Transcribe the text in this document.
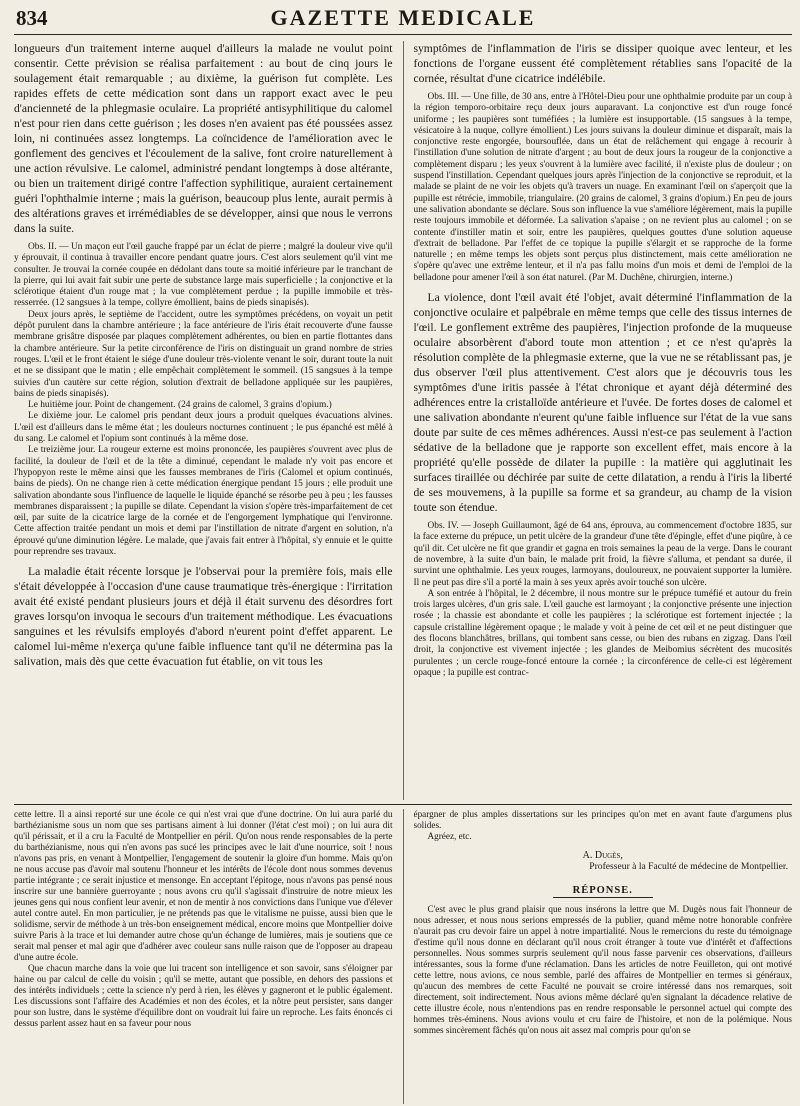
834	GAZETTE MEDICALE

longueurs d'un traitement interne auquel d'ailleurs la malade ne voulut point consentir. Cette prévision se réalisa parfaitement : au bout de cinq jours le soulagement était remarquable ; au dixième, la guérison fut complète. Les rapides effets de cette médication sont dans un rapport exact avec le peu d'ancienneté de la phlegmasie oculaire. La propriété antisyphilitique du calomel n'est pour rien dans cette guérison ; les doses n'en avaient pas été poussées assez loin, ni continuées assez longtemps. La coïncidence de l'amélioration avec le gonflement des gencives et l'écoulement de la salive, font croire naturellement à une action révulsive. Le calomel, administré pendant longtemps à dose altérante, ou bien un traitement dirigé contre l'affection syphilitique, auraient certainement guéri l'ophthalmie interne ; mais la guérison, beaucoup plus lente, aurait permis à des altérations graves et irrémédiables de se développer, ainsi que nous le verrons dans la suite.

Obs. II. — Un maçon eut l'œil gauche frappé par un éclat de pierre ; malgré la douleur vive qu'il y éprouvait, il continua à travailler encore pendant quatre jours. C'est alors seulement qu'il vint me consulter. Je trouvai la cornée coupée en dédolant dans toute sa moitié inférieure par le tranchant de la pierre, qui lui avait fait subir une perte de substance large mais superficielle ; la conjonctive et la sclérotique étaient d'un rouge mat ; la vue complètement perdue ; la pupille immobile et très-resserrée. (12 sangsues à la tempe, collyre émollient, bains de pieds sinapisés).

Deux jours après, le septième de l'accident, outre les symptômes précédens, on voyait un petit dépôt purulent dans la chambre antérieure ; la face antérieure de l'iris était recouverte d'une fausse membrane grisâtre disposée par plaques complètement adhérentes, ou bien en partie flottantes dans la chambre antérieure. Sur la petite circonférence de l'iris on distinguait un grand nombre de stries rouges. L'œil et le front étaient le siége d'une douleur très-violente venant le soir, durant toute la nuit et ne se dissipant que le matin ; elle empêchait complètement le sommeil. (15 sangsues à la tempe suivies d'un cautère sur cette région, solution d'extrait de belladone appliquée sur les paupières, bains de pieds sinapisés).

Le huitième jour. Point de changement. (24 grains de calomel, 3 grains d'opium.)

Le dixième jour. Le calomel pris pendant deux jours a produit quelques évacuations alvines. L'œil est d'ailleurs dans le même état ; les douleurs nocturnes continuent ; le pus épanché est mêlé à du sang. Le calomel et l'opium sont continués à la même dose.

Le treizième jour. La rougeur externe est moins prononcée, les paupières s'ouvrent avec plus de facilité, la douleur de l'œil et de la tête a diminué, cependant le malade n'y voit pas encore et l'hypopyon reste le même ainsi que les fausses membranes de l'iris (Calomel et opium continués, bains de pieds). On ne change rien à cette médication énergique pendant 15 jours ; elle produit une salivation abondante sous l'influence de laquelle le liquide épanché se résorbe peu à peu ; les fausses membranes disparaissent ; la pupille se dilate. Cependant la vision s'opère très-imparfaitement de cet œil, par suite de la cicatrice large de la cornée et de l'engorgement lymphatique qui l'environne. Cette affection traitée pendant un mois et demi par l'instillation de nitrate d'argent en solution, n'a éprouvé qu'une diminution légère. Le malade, que j'avais fait entrer à l'hôpital, s'y ennuie et le quitte pour reprendre ses travaux.

La maladie était récente lorsque je l'observai pour la première fois, mais elle s'était développée à l'occasion d'une cause traumatique très-énergique : l'irritation avait été existé pendant plusieurs jours et déjà il était survenu des désordres fort graves lorsqu'on invoqua le secours d'un traitement méthodique. Les évacuations sanguines et les révulsifs employés d'abord n'eurent point d'effet apparent. Le calomel lui-même n'exerça qu'une faible influence tant qu'il ne détermina pas la salivation, mais dès que cette évacuation fut établie, on vit tous les

symptômes de l'inflammation de l'iris se dissiper quoique avec lenteur, et les fonctions de l'organe eussent été complètement rétablies sans l'opacité de la cornée, résultat d'une cicatrice indélébile.

Obs. III. — Une fille, de 30 ans, entre à l'Hôtel-Dieu pour une ophthalmie produite par un coup à la région temporo-orbitaire reçu deux jours auparavant. La conjonctive est d'un rouge foncé uniforme ; les paupières sont tuméfiées ; la lumière est insupportable. (15 sangsues à la tempe, vésicatoire à la nuque, collyre émollient.) Les jours suivans la douleur diminue et disparaît, mais la conjonctive reste engorgée, boursouflée, dans un état de relâchement qui engage à recourir à l'instillation d'une solution de nitrate d'argent ; au bout de deux jours la rougeur de la conjonctive a complètement disparu ; les yeux s'ouvrent à la lumière avec facilité, il n'existe plus de douleur ; on suspend l'instillation. Cependant quelques jours après l'injection de la conjonctive se reproduit, et la malade se plaint de ne voir les objets qu'à travers un nuage. En examinant l'œil on s'aperçoit que la pupille est rétrécie, immobile, triangulaire. (20 grains de calomel, 3 grains d'opium.) En peu de jours une salivation abondante se déclare. Sous son influence la vue s'améliore légèrement, mais la pupille reste toujours immobile et déformée. La salivation s'apaise ; on ne revient plus au calomel ; on se contente d'instiller matin et soir, entre les paupières, quelques gouttes d'une solution aqueuse d'extrait de belladone. Par l'effet de ce topique la pupille s'élargit et se rapproche de la forme naturelle ; en même temps les objets sont perçus plus distinctement, mais cette amélioration ne s'opère qu'avec une extrême lenteur, et il n'a pas fallu moins d'un mois et demi de l'emploi de la belladone pour amener l'œil à son état naturel. (Par M. Duchêne, chirurgien, interne.)

La violence, dont l'œil avait été l'objet, avait déterminé l'inflammation de la conjonctive oculaire et palpébrale en même temps que celle des tissus internes de l'œil. Le gonflement extrême des paupières, l'injection profonde de la muqueuse oculaire absorbèrent d'abord toute mon attention ; et ce n'est qu'après la résolution complète de la phlegmasie externe, que la vue ne se rétablissant pas, je dus observer l'œil plus attentivement. C'est alors que je découvris tous les symptômes d'une iritis passée à l'état chronique et ayant déjà déterminé des adhérences entre la cristalloïde antérieure et l'uvée. De fortes doses de calomel et une salivation abondante n'eurent qu'une faible influence sur l'état de la vue sans doute par suite de ces mêmes adhérences. Aussi n'est-ce pas seulement à l'action sédative de la belladone que je rapporte son excellent effet, mais encore à la propriété qu'elle possède de dilater la pupille : la matière qui agglutinait les surfaces tiraillée ou déchirée par suite de cette dilatation, a rendu à l'iris la liberté de ses mouvemens, à la pupille sa forme et sa grandeur, au champ de la vision toute son étendue.

Obs. IV. — Joseph Guillaumont, âgé de 64 ans, éprouva, au commencement d'octobre 1835, sur la face externe du prépuce, un petit ulcère de la grandeur d'une tête d'épingle, effet d'une piqûre, à ce qu'il dit. Cet ulcère ne fit que grandir et gagna en trois semaines la peau de la verge. Dans le courant de novembre, à la suite d'un bain, le malade prit froid, la fièvre s'alluma, et pendant sa durée, il survint une ophthalmie. Les yeux rouges, larmoyans, douloureux, ne pouvaient supporter la lumière. Il ne peut pas dire s'il a porté la main à ses yeux après avoir touché son ulcère.

A son entrée à l'hôpital, le 2 décembre, il nous montre sur le prépuce tuméfié et autour du frein trois larges ulcères, d'un gris sale. L'œil gauche est larmoyant ; la conjonctive présente une injection rosée ; la chassie est abondante et colle les paupières ; la sclérotique est fortement injectée ; la capsule cristalline légèrement opaque ; le malade y voit à peine de cet œil et ne peut distinguer que des flocons blanchâtres, brillans, qui tombent sans cesse, ou bien des rubans en zigzag. Dans l'œil droit, la conjonctive est vivement injectée ; les glandes de Meibomius sécrètent des mucosités purulentes ; un cercle rouge-foncé entoure la cornée ; la circonférence de celle-ci est légèrement opaque ; la pupille est contrac-

cette lettre. Il a ainsi reporté sur une école ce qui n'est vrai que d'une doctrine. On lui aura parlé du barthézianisme sous un nom que ses partisans aiment à lui donner (l'état c'est moi) ; on lui aura dit qu'il périssait, et il a cru la Faculté de Montpellier en péril. Qu'on nous rende responsables de la perte du barthézianisme, nous qui n'en avons pas sucé les principes avec le lait d'une nourrice, soit ! nous n'avons pas pris, en venant à Montpellier, l'engagement de soutenir la gloire d'un homme. Mais qu'on ne nous accuse pas d'avoir mal soutenu l'honneur et les intérêts de l'école dont nous sommes devenus partie intégrante ; ce serait injustice et mensonge. En acceptant l'épitoge, nous n'avons pas pensé nous inscrire sur une bannière guerroyante ; nous avons cru qu'il s'agissait d'instruire de notre mieux les jeunes gens qui nous confient leur avenir, et non de mentir à nos convictions dans l'unique vue d'élever autel contre autel. En mon particulier, je ne prétends pas que le vitalisme ne puisse, aussi bien que le solidisme, servir de méthode à un très-bon enseignement médical, encore moins que Montpellier doive suivre Paris à la trace et lui demander autre chose qu'un échange de lumières, mais je soutiens que ce serait mal penser et mal agir que d'adhérer avec couleur sans nulle raison que de l'opposer au drapeau d'une autre école.

Que chacun marche dans la voie que lui tracent son intelligence et son savoir, sans s'éloigner par haine ou par calcul de celle du voisin ; qu'il se mette, autant que possible, en dehors des passions et des intérêts individuels ; cette la science n'y perd à rien, les élèves y gagneront et le public également. Les discussions sont l'affaire des Académies et non des écoles, et la nôtre peut persister, sans danger pour son lustre, dans le système d'équilibre dont on voudrait lui faire un reproche. Les faits énoncés ci dessus parlent assez haut en sa faveur pour nous

épargner de plus amples dissertations sur les principes qu'on met en avant faute d'argumens plus solides.

Agréez, etc.

A. Dugès,
Professeur à la Faculté de médecine de Montpellier.
RÉPONSE.

C'est avec le plus grand plaisir que nous insérons la lettre que M. Dugès nous fait l'honneur de nous adresser, et nous nous serions empressés de la publier, quand même notre honorable confrère n'aurait pas cru devoir faire un appel à notre impartialité. Nous le remercions du reste du témoignage d'estime qu'il nous donne en déclarant qu'il nous croit étranger à toute vue d'intérêt et d'affections personnelles. Nous sommes surpris seulement qu'il nous fasse parvenir ces observations, d'ailleurs intéressantes, sous la forme d'une réclamation. Dans les articles de notre Feuilleton, qui ont motivé cette lettre, nous avions, ce nous semble, parlé des affaires de Montpellier en termes si généraux, qu'aucun des membres de cette Faculté ne pouvait se croire intéressé dans nos remarques, soit directement, soit indirectement. Nous avions même déclaré qu'en signalant la décadence relative de cette illustre école, nous n'entendions pas en rendre responsable le personnel actuel qui compte des hommes très-éminens. Nous avions voulu et cru faire de l'histoire, et non de la polémique. Nous sommes sincèrement fâchés qu'on nous ait assez mal compris pour qu'on se
